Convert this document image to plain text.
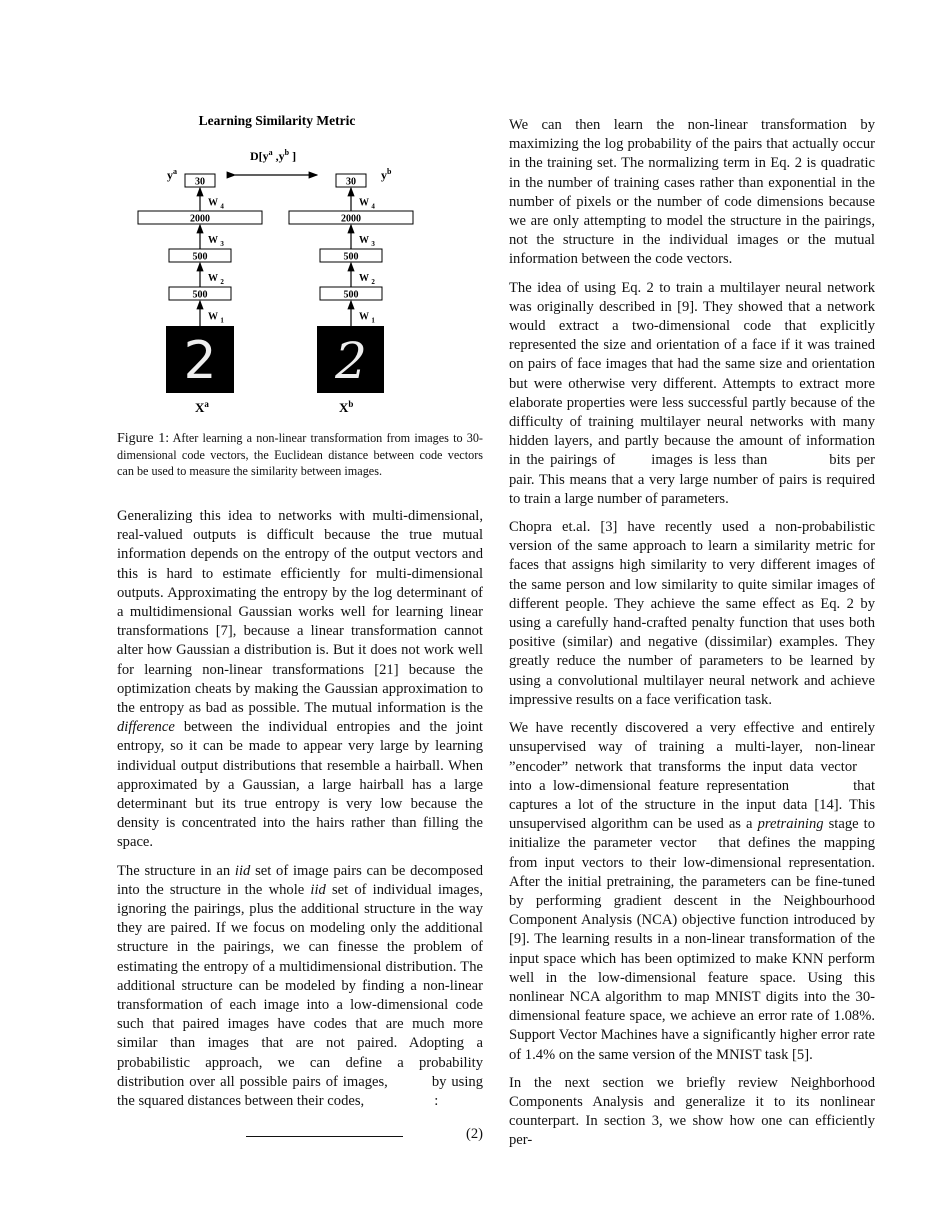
Learning Similarity Metric
$D[y^a$ $,y^b$ ]
30
W $_4$
2000
W $_3$
500
W $_2$
500
W $_1$
30
W $_4$
2000
W $_3$
500
W $_2$
500
W $_1$
$y^a$	$y^b$
2 2
$X^a$	$X^b$
Figure 1: After learning a non-linear transformation from images to 30-dimensional code vectors, the Euclidean distance between code vectors can be used to measure the similarity between images.

Generalizing this idea to networks with multi-dimensional, real-valued outputs is difficult because the true mutual information depends on the entropy of the output vectors and this is hard to estimate efficiently for multi-dimensional outputs. Approximating the entropy by the log determinant of a multidimensional Gaussian works well for learning linear transformations [7], because a linear transformation cannot alter how Gaussian a distribution is. But it does not work well for learning non-linear transformations [21] because the optimization cheats by making the Gaussian approximation to the entropy as bad as possible. The mutual information is the difference between the individual entropies and the joint entropy, so it can be made to appear very large by learning individual output distributions that resemble a hairball. When approximated by a Gaussian, a large hairball has a large determinant but its true entropy is very low because the density is concentrated into the hairs rather than filling the space.

The structure in an iid set of image pairs can be decomposed into the structure in the whole iid set of individual images, ignoring the pairings, plus the additional structure in the way they are paired. If we focus on modeling only the additional structure in the pairings, we can finesse the problem of estimating the entropy of a multidimensional distribution. The additional structure can be modeled by finding a non-linear transformation of each image into a low-dimensional code such that paired images have codes that are much more similar than images that are not paired. Adopting a probabilistic approach, we can define a probability distribution over all possible pairs of images,	by using the squared distances between their codes,	:

(2)

We can then learn the non-linear transformation by maximizing the log probability of the pairs that actually occur in the training set. The normalizing term in Eq. 2 is quadratic in the number of training cases rather than exponential in the number of pixels or the number of code dimensions because we are only attempting to model the structure in the pairings, not the structure in the individual images or the mutual information between the code vectors.

The idea of using Eq. 2 to train a multilayer neural network was originally described in [9]. They showed that a network would extract a two-dimensional code that explicitly represented the size and orientation of a face if it was trained on pairs of face images that had the same size and orientation but were otherwise very different. Attempts to extract more elaborate properties were less successful partly because of the difficulty of training multilayer neural networks with many hidden layers, and partly because the amount of information in the pairings of images is less than	bits per pair. This means that a very large number of pairs is required to train a large number of parameters.

Chopra et.al. [3] have recently used a non-probabilistic version of the same approach to learn a similarity metric for faces that assigns high similarity to very different images of the same person and low similarity to quite similar images of different people. They achieve the same effect as Eq. 2 by using a carefully hand-crafted penalty function that uses both positive (similar) and negative (dissimilar) examples. They greatly reduce the number of parameters to be learned by using a convolutional multilayer neural network and achieve impressive results on a face verification task.

We have recently discovered a very effective and entirely unsupervised way of training a multi-layer, non-linear ”encoder” network that transforms the input data vectorinto a low-dimensional feature representation	that captures a lot of the structure in the input data [14]. This unsupervised algorithm can be used as a pretraining stage to initialize the parameter vector that defines the mapping from input vectors to their low-dimensional representation. After the initial pretraining, the parameters can be fine-tuned by performing gradient descent in the Neighbourhood Component Analysis (NCA) objective function introduced by [9]. The learning results in a non-linear transformation of the input space which has been optimized to make KNN perform well in the low-dimensional feature space. Using this nonlinear NCA algorithm to map MNIST digits into the 30-dimensional feature space, we achieve an error rate of 1.08%. Support Vector Machines have a significantly higher error rate of 1.4% on the same version of the MNIST task [5].

In the next section we briefly review Neighborhood Components Analysis and generalize it to its nonlinear counterpart. In section 3, we show how one can efficiently per-
